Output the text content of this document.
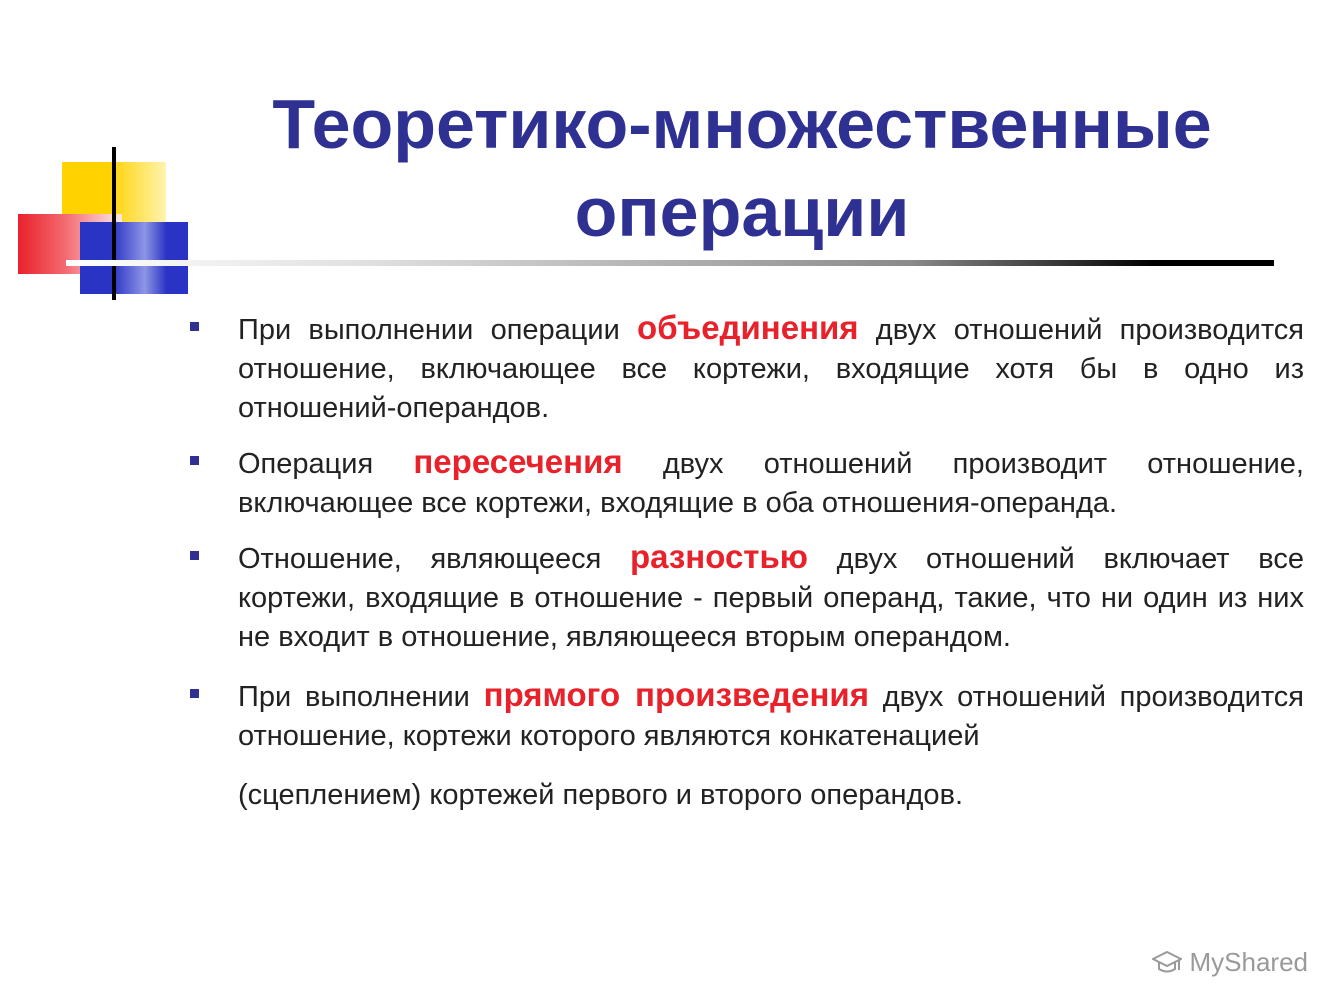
Теоретико-множественные
операции
При выполнении операции объединения двух отношений производится отношение, включающее все кортежи, входящие хотя бы в одно из отношений-операндов.
Операция пересечения двух отношений производит отношение, включающее все кортежи, входящие в оба отношения-операнда.
Отношение, являющееся разностью двух отношений включает все кортежи, входящие в отношение - первый операнд, такие, что ни один из них не входит в отношение, являющееся вторым операндом.
При выполнении прямого произведения двух отношений производится отношение, кортежи которого являются конкатенацией
(сцеплением) кортежей первого и второго операндов.
MyShared
